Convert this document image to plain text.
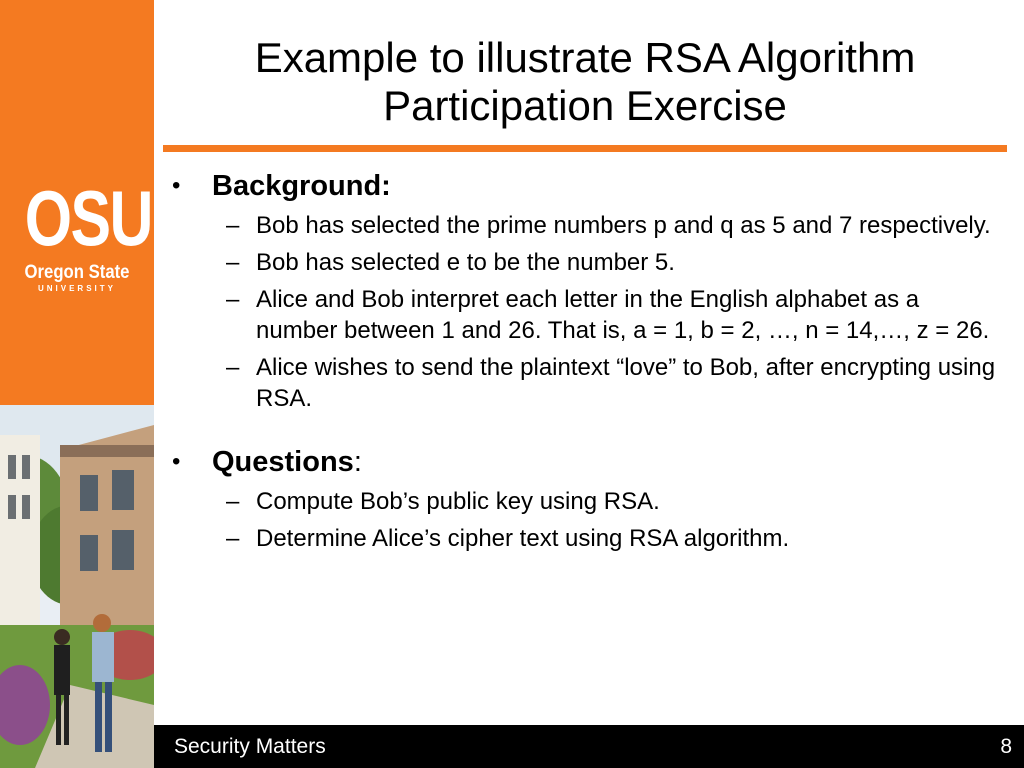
OSU
Oregon State
UNIVERSITY
Example to illustrate RSA Algorithm
Participation Exercise
• Background:
– Bob has selected the prime numbers p and q as 5 and 7 respectively.
– Bob has selected e to be the number 5.
– Alice and Bob interpret each letter in the English alphabet as a number between 1 and 26. That is, a = 1, b = 2, …, n = 14,…, z = 26.
– Alice wishes to send the plaintext “love” to Bob, after encrypting using RSA.
• Questions:
– Compute Bob’s public key using RSA.
– Determine Alice’s cipher text using RSA algorithm.
Security Matters	8
